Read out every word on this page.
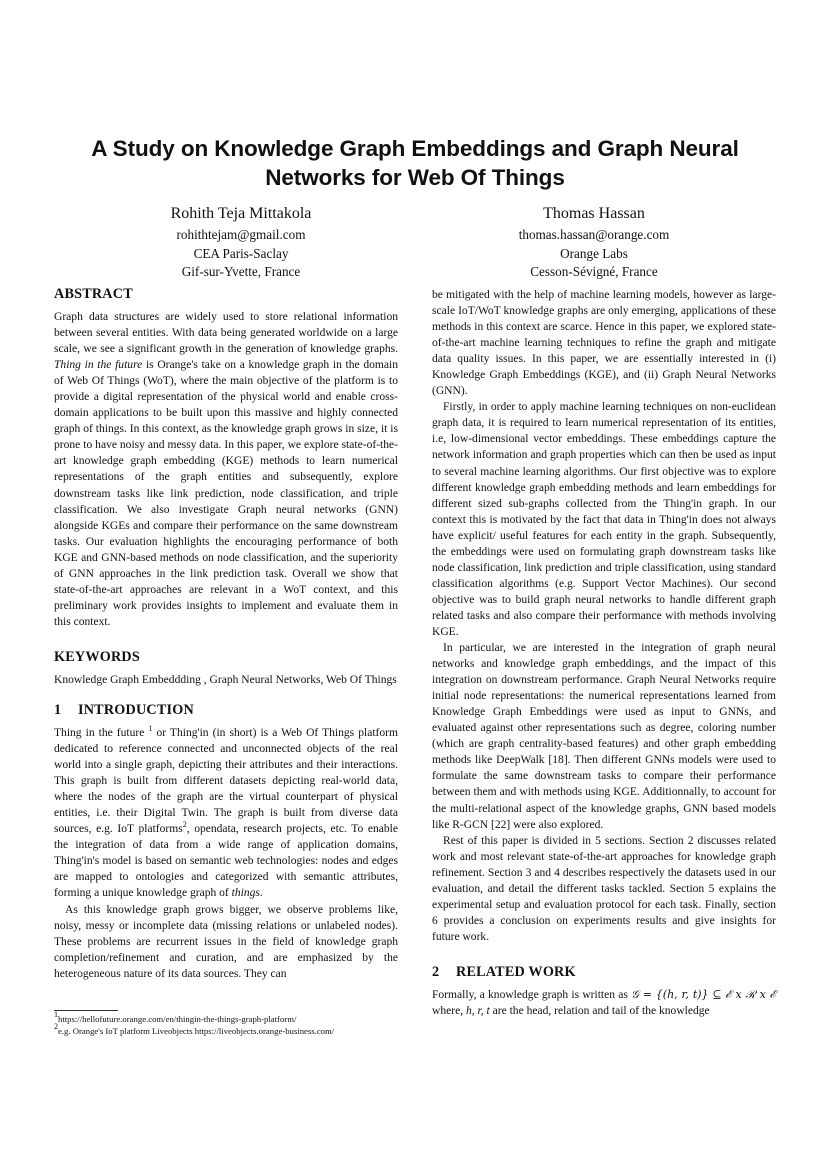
A Study on Knowledge Graph Embeddings and Graph Neural Networks for Web Of Things
Rohith Teja Mittakola
rohithtejam@gmail.com
CEA Paris-Saclay
Gif-sur-Yvette, France
Thomas Hassan
thomas.hassan@orange.com
Orange Labs
Cesson-Sévigné, France
ABSTRACT

Graph data structures are widely used to store relational information between several entities. With data being generated worldwide on a large scale, we see a significant growth in the generation of knowledge graphs. Thing in the future is Orange's take on a knowledge graph in the domain of Web Of Things (WoT), where the main objective of the platform is to provide a digital representation of the physical world and enable cross-domain applications to be built upon this massive and highly connected graph of things. In this context, as the knowledge graph grows in size, it is prone to have noisy and messy data. In this paper, we explore state-of-the-art knowledge graph embedding (KGE) methods to learn numerical representations of the graph entities and subsequently, explore downstream tasks like link prediction, node classification, and triple classification. We also investigate Graph neural networks (GNN) alongside KGEs and compare their performance on the same downstream tasks. Our evaluation highlights the encouraging performance of both KGE and GNN-based methods on node classification, and the superiority of GNN approaches in the link prediction task. Overall we show that state-of-the-art approaches are relevant in a WoT context, and this preliminary work provides insights to implement and evaluate them in this context.

KEYWORDS

Knowledge Graph Embeddding , Graph Neural Networks, Web Of Things

1 INTRODUCTION

Thing in the future $^1$ or Thing'in (in short) is a Web Of Things platform dedicated to reference connected and unconnected objects of the real world into a single graph, depicting their attributes and their interactions. This graph is built from different datasets depicting real-world data, where the nodes of the graph are the virtual counterpart of physical entities, i.e. their Digital Twin. The graph is built from diverse data sources, e.g. IoT platforms$^2$, opendata, research projects, etc. To enable the integration of data from a wide range of application domains, Thing'in's model is based on semantic web technologies: nodes and edges are mapped to ontologies and categorized with semantic attributes, forming a unique knowledge graph of things.

As this knowledge graph grows bigger, we observe problems like, noisy, messy or incomplete data (missing relations or unlabeled nodes). These problems are recurrent issues in the field of knowledge graph completion/refinement and curation, and are emphasized by the heterogeneous nature of its data sources. They can

be mitigated with the help of machine learning models, however as large-scale IoT/WoT knowledge graphs are only emerging, applications of these methods in this context are scarce. Hence in this paper, we explored state-of-the-art machine learning techniques to refine the graph and mitigate data quality issues. In this paper, we are essentially interested in (i) Knowledge Graph Embeddings (KGE), and (ii) Graph Neural Networks (GNN).

Firstly, in order to apply machine learning techniques on non-euclidean graph data, it is required to learn numerical representation of its entities, i.e, low-dimensional vector embeddings. These embeddings capture the network information and graph properties which can then be used as input to several machine learning algorithms. Our first objective was to explore different knowledge graph embedding methods and learn embeddings for different sized sub-graphs collected from the Thing'in graph. In our context this is motivated by the fact that data in Thing'in does not always have explicit/ useful features for each entity in the graph. Subsequently, the embeddings were used on formulating graph downstream tasks like node classification, link prediction and triple classification, using standard classification algorithms (e.g. Support Vector Machines). Our second objective was to build graph neural networks to handle different graph related tasks and also compare their performance with methods involving KGE.

In particular, we are interested in the integration of graph neural networks and knowledge graph embeddings, and the impact of this integration on downstream performance. Graph Neural Networks require initial node representations: the numerical representations learned from Knowledge Graph Embeddings were used as input to GNNs, and evaluated against other representations such as degree, coloring number (which are graph centrality-based features) and other graph embedding methods like DeepWalk [18]. Then different GNNs models were used to formulate the same downstream tasks to compare their performance between them and with methods using KGE. Additionnally, to account for the multi-relational aspect of the knowledge graphs, GNN based models like R-GCN [22] were also explored.

Rest of this paper is divided in 5 sections. Section 2 discusses related work and most relevant state-of-the-art approaches for knowledge graph refinement. Section 3 and 4 describes respectively the datasets used in our evaluation, and detail the different tasks tackled. Section 5 explains the experimental setup and evaluation protocol for each task. Finally, section 6 provides a conclusion on experiments results and give insights for future work.

2 RELATED WORK

Formally, a knowledge graph is written as 𝒢 = {(h, r, t)} ⊆ ℰ x ℛ x ℰ where, h, r, t are the head, relation and tail of the knowledge

$^1$https://hellofuture.orange.com/en/thingin-the-things-graph-platform/
$^2$e.g. Orange's IoT platform Liveobjects https://liveobjects.orange-business.com/
